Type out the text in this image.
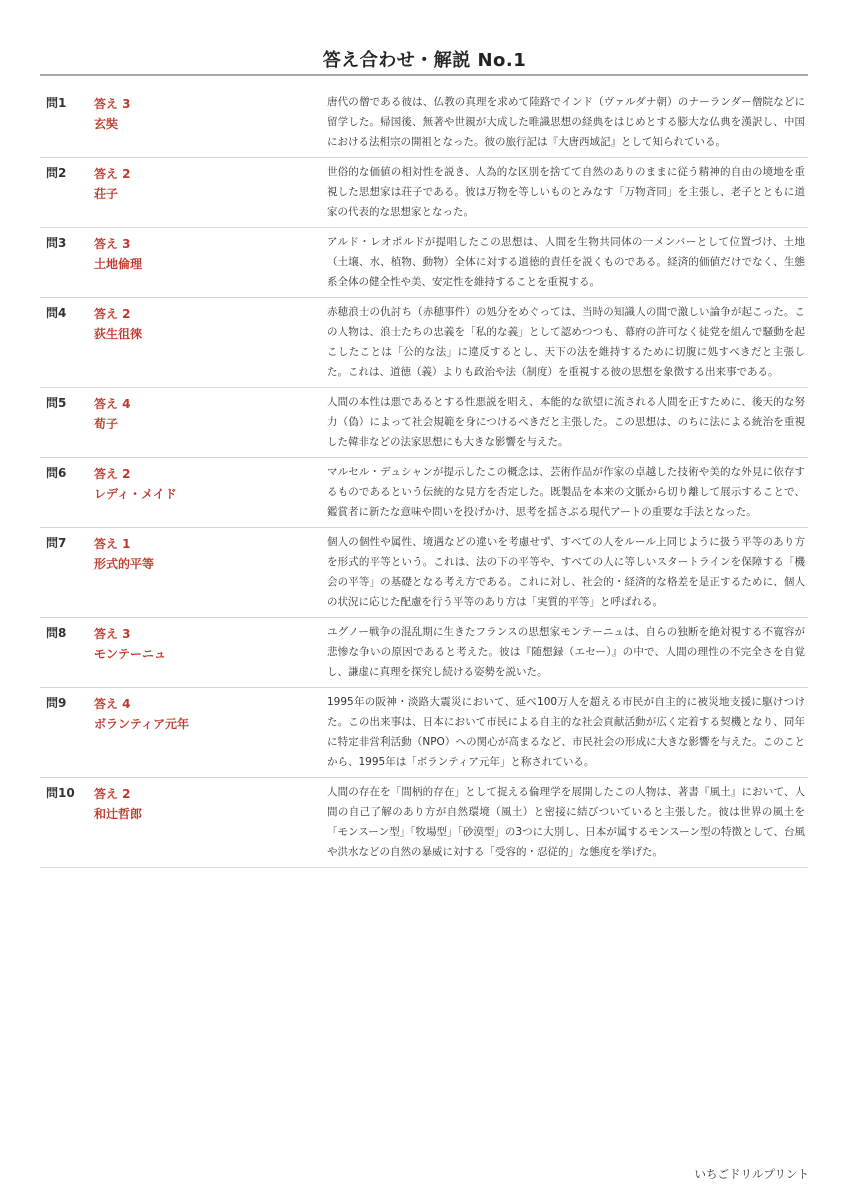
答え合わせ・解説 No.1
問1 答え 3
玄奘
唐代の僧である彼は、仏教の真理を求めて陸路でインド（ヴァルダナ朝）のナーランダー僧院などに留学した。帰国後、無著や世親が大成した唯識思想の経典をはじめとする膨大な仏典を漢訳し、中国における法相宗の開祖となった。彼の旅行記は『大唐西域記』として知られている。
問2 答え 2
荘子
世俗的な価値の相対性を説き、人為的な区別を捨てて自然のありのままに従う精神的自由の境地を重視した思想家は荘子である。彼は万物を等しいものとみなす「万物斉同」を主張し、老子とともに道家の代表的な思想家となった。
問3 答え 3
土地倫理
アルド・レオポルドが提唱したこの思想は、人間を生物共同体の一メンバーとして位置づけ、土地（土壌、水、植物、動物）全体に対する道徳的責任を説くものである。経済的価値だけでなく、生態系全体の健全性や美、安定性を維持することを重視する。
問4 答え 2
荻生徂徠
赤穂浪士の仇討ち（赤穂事件）の処分をめぐっては、当時の知識人の間で激しい論争が起こった。この人物は、浪士たちの忠義を「私的な義」として認めつつも、幕府の許可なく徒党を組んで騒動を起こしたことは「公的な法」に違反するとし、天下の法を維持するために切腹に処すべきだと主張した。これは、道徳（義）よりも政治や法（制度）を重視する彼の思想を象徴する出来事である。
問5 答え 4
荀子
人間の本性は悪であるとする性悪説を唱え、本能的な欲望に流される人間を正すために、後天的な努力（偽）によって社会規範を身につけるべきだと主張した。この思想は、のちに法による統治を重視した韓非などの法家思想にも大きな影響を与えた。
問6 答え 2
レディ・メイド
マルセル・デュシャンが提示したこの概念は、芸術作品が作家の卓越した技術や美的な外見に依存するものであるという伝統的な見方を否定した。既製品を本来の文脈から切り離して展示することで、鑑賞者に新たな意味や問いを投げかけ、思考を揺さぶる現代アートの重要な手法となった。
問7 答え 1
形式的平等
個人の個性や属性、境遇などの違いを考慮せず、すべての人をルール上同じように扱う平等のあり方を形式的平等という。これは、法の下の平等や、すべての人に等しいスタートラインを保障する「機会の平等」の基礎となる考え方である。これに対し、社会的・経済的な格差を是正するために、個人の状況に応じた配慮を行う平等のあり方は「実質的平等」と呼ばれる。
問8 答え 3
モンテーニュ
ユグノー戦争の混乱期に生きたフランスの思想家モンテーニュは、自らの独断を絶対視する不寛容が悲惨な争いの原因であると考えた。彼は『随想録（エセー）』の中で、人間の理性の不完全さを自覚し、謙虚に真理を探究し続ける姿勢を説いた。
問9 答え 4
ボランティア元年
1995年の阪神・淡路大震災において、延べ100万人を超える市民が自主的に被災地支援に駆けつけた。この出来事は、日本において市民による自主的な社会貢献活動が広く定着する契機となり、同年に特定非営利活動（NPO）への関心が高まるなど、市民社会の形成に大きな影響を与えた。このことから、1995年は「ボランティア元年」と称されている。
問10 答え 2
和辻哲郎
人間の存在を「間柄的存在」として捉える倫理学を展開したこの人物は、著書『風土』において、人間の自己了解のあり方が自然環境（風土）と密接に結びついていると主張した。彼は世界の風土を「モンスーン型」「牧場型」「砂漠型」の3つに大別し、日本が属するモンスーン型の特徴として、台風や洪水などの自然の暴威に対する「受容的・忍従的」な態度を挙げた。
いちごドリルプリント
